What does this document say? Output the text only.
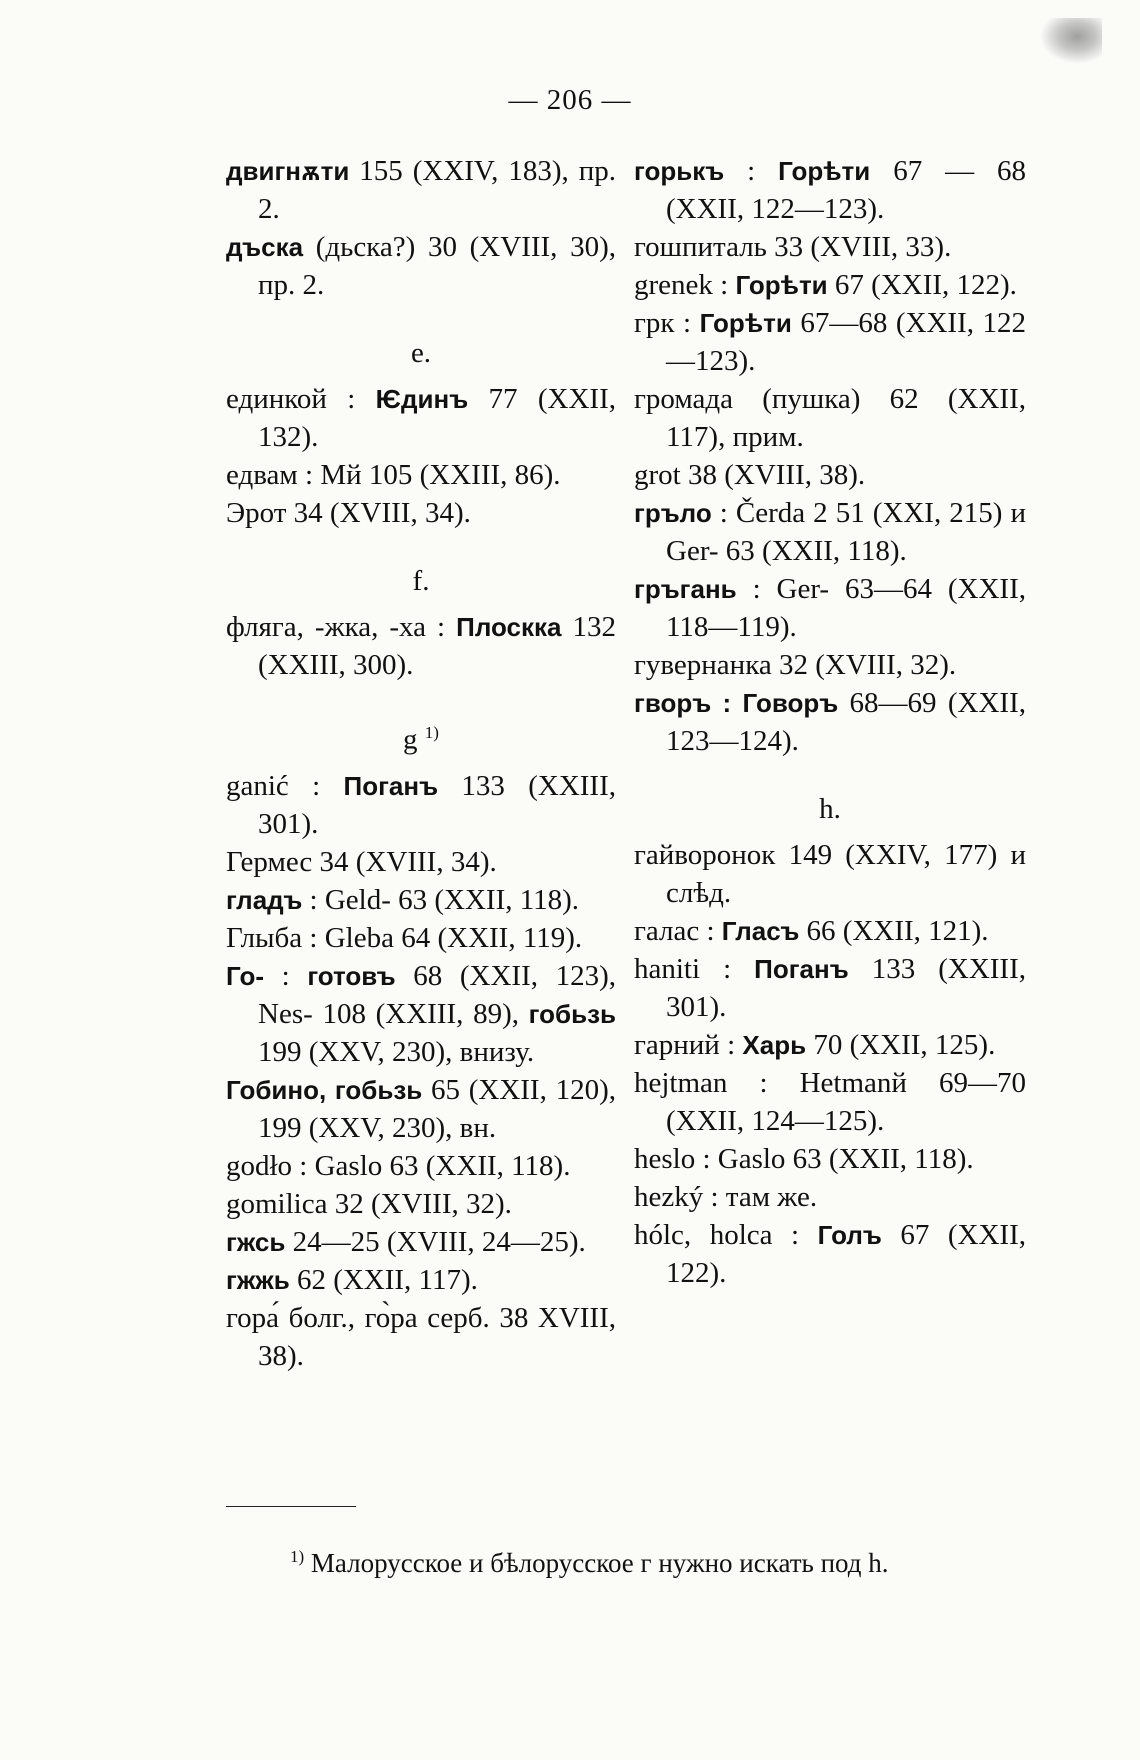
— 206 —
двигнѫти 155 (XXIV, 183), пр. 2.
дъска (дьска?) 30 (XVIII, 30), пр. 2.
e.
единкой : Ѥдинъ 77 (XXII, 132).
едвам : Мй 105 (XXIII, 86).
Эрот 34 (XVIII, 34).
f.
фляга, -жка, -ха : Плоскка 132 (XXIII, 300).
g $^{1)}$
ganić : Поганъ 133 (XXIII, 301).
Гермес 34 (XVIII, 34).
гладъ : Geld- 63 (XXII, 118).
Глыба : Gleba 64 (XXII, 119).
Го- : готовъ 68 (XXII, 123), Nes- 108 (XXIII, 89), гобьзь 199 (XXV, 230), внизу.
Гобино, гобьзь 65 (XXII, 120), 199 (XXV, 230), вн.
godło : Gaslo 63 (XXII, 118).
gomilica 32 (XVIII, 32).
гжсь 24—25 (XVIII, 24—25).
гжжь 62 (XXII, 117).
гора́ болг., го̀ра серб. 38 XVIII, 38).
горькъ : Горѣти 67 — 68 (XXII, 122—123).
гошпиталь 33 (XVIII, 33).
grenek : Горѣти 67 (XXII, 122).
грк : Горѣти 67—68 (XXII, 122—123).
громада (пушка) 62 (XXII, 117), прим.
grot 38 (XVIII, 38).
гръло : Čerda 2 51 (XXI, 215) и Ger- 63 (XXII, 118).
гръгань : Ger- 63—64 (XXII, 118—119).
гувернанка 32 (XVIII, 32).
гворъ : Говоръ 68—69 (XXII, 123—124).
h.
гайворонок 149 (XXIV, 177) и слѣд.
галас : Гласъ 66 (XXII, 121).
haniti : Поганъ 133 (XXIII, 301).
гарний : Харь 70 (XXII, 125).
hejtman : Hetmanй 69—70 (XXII, 124—125).
heslo : Gaslo 63 (XXII, 118).
hezký : там же.
hólc, holca : Голъ 67 (XXII, 122).
$^{1)}$ Малорусское и бѣлорусское г нужно искать под h.
